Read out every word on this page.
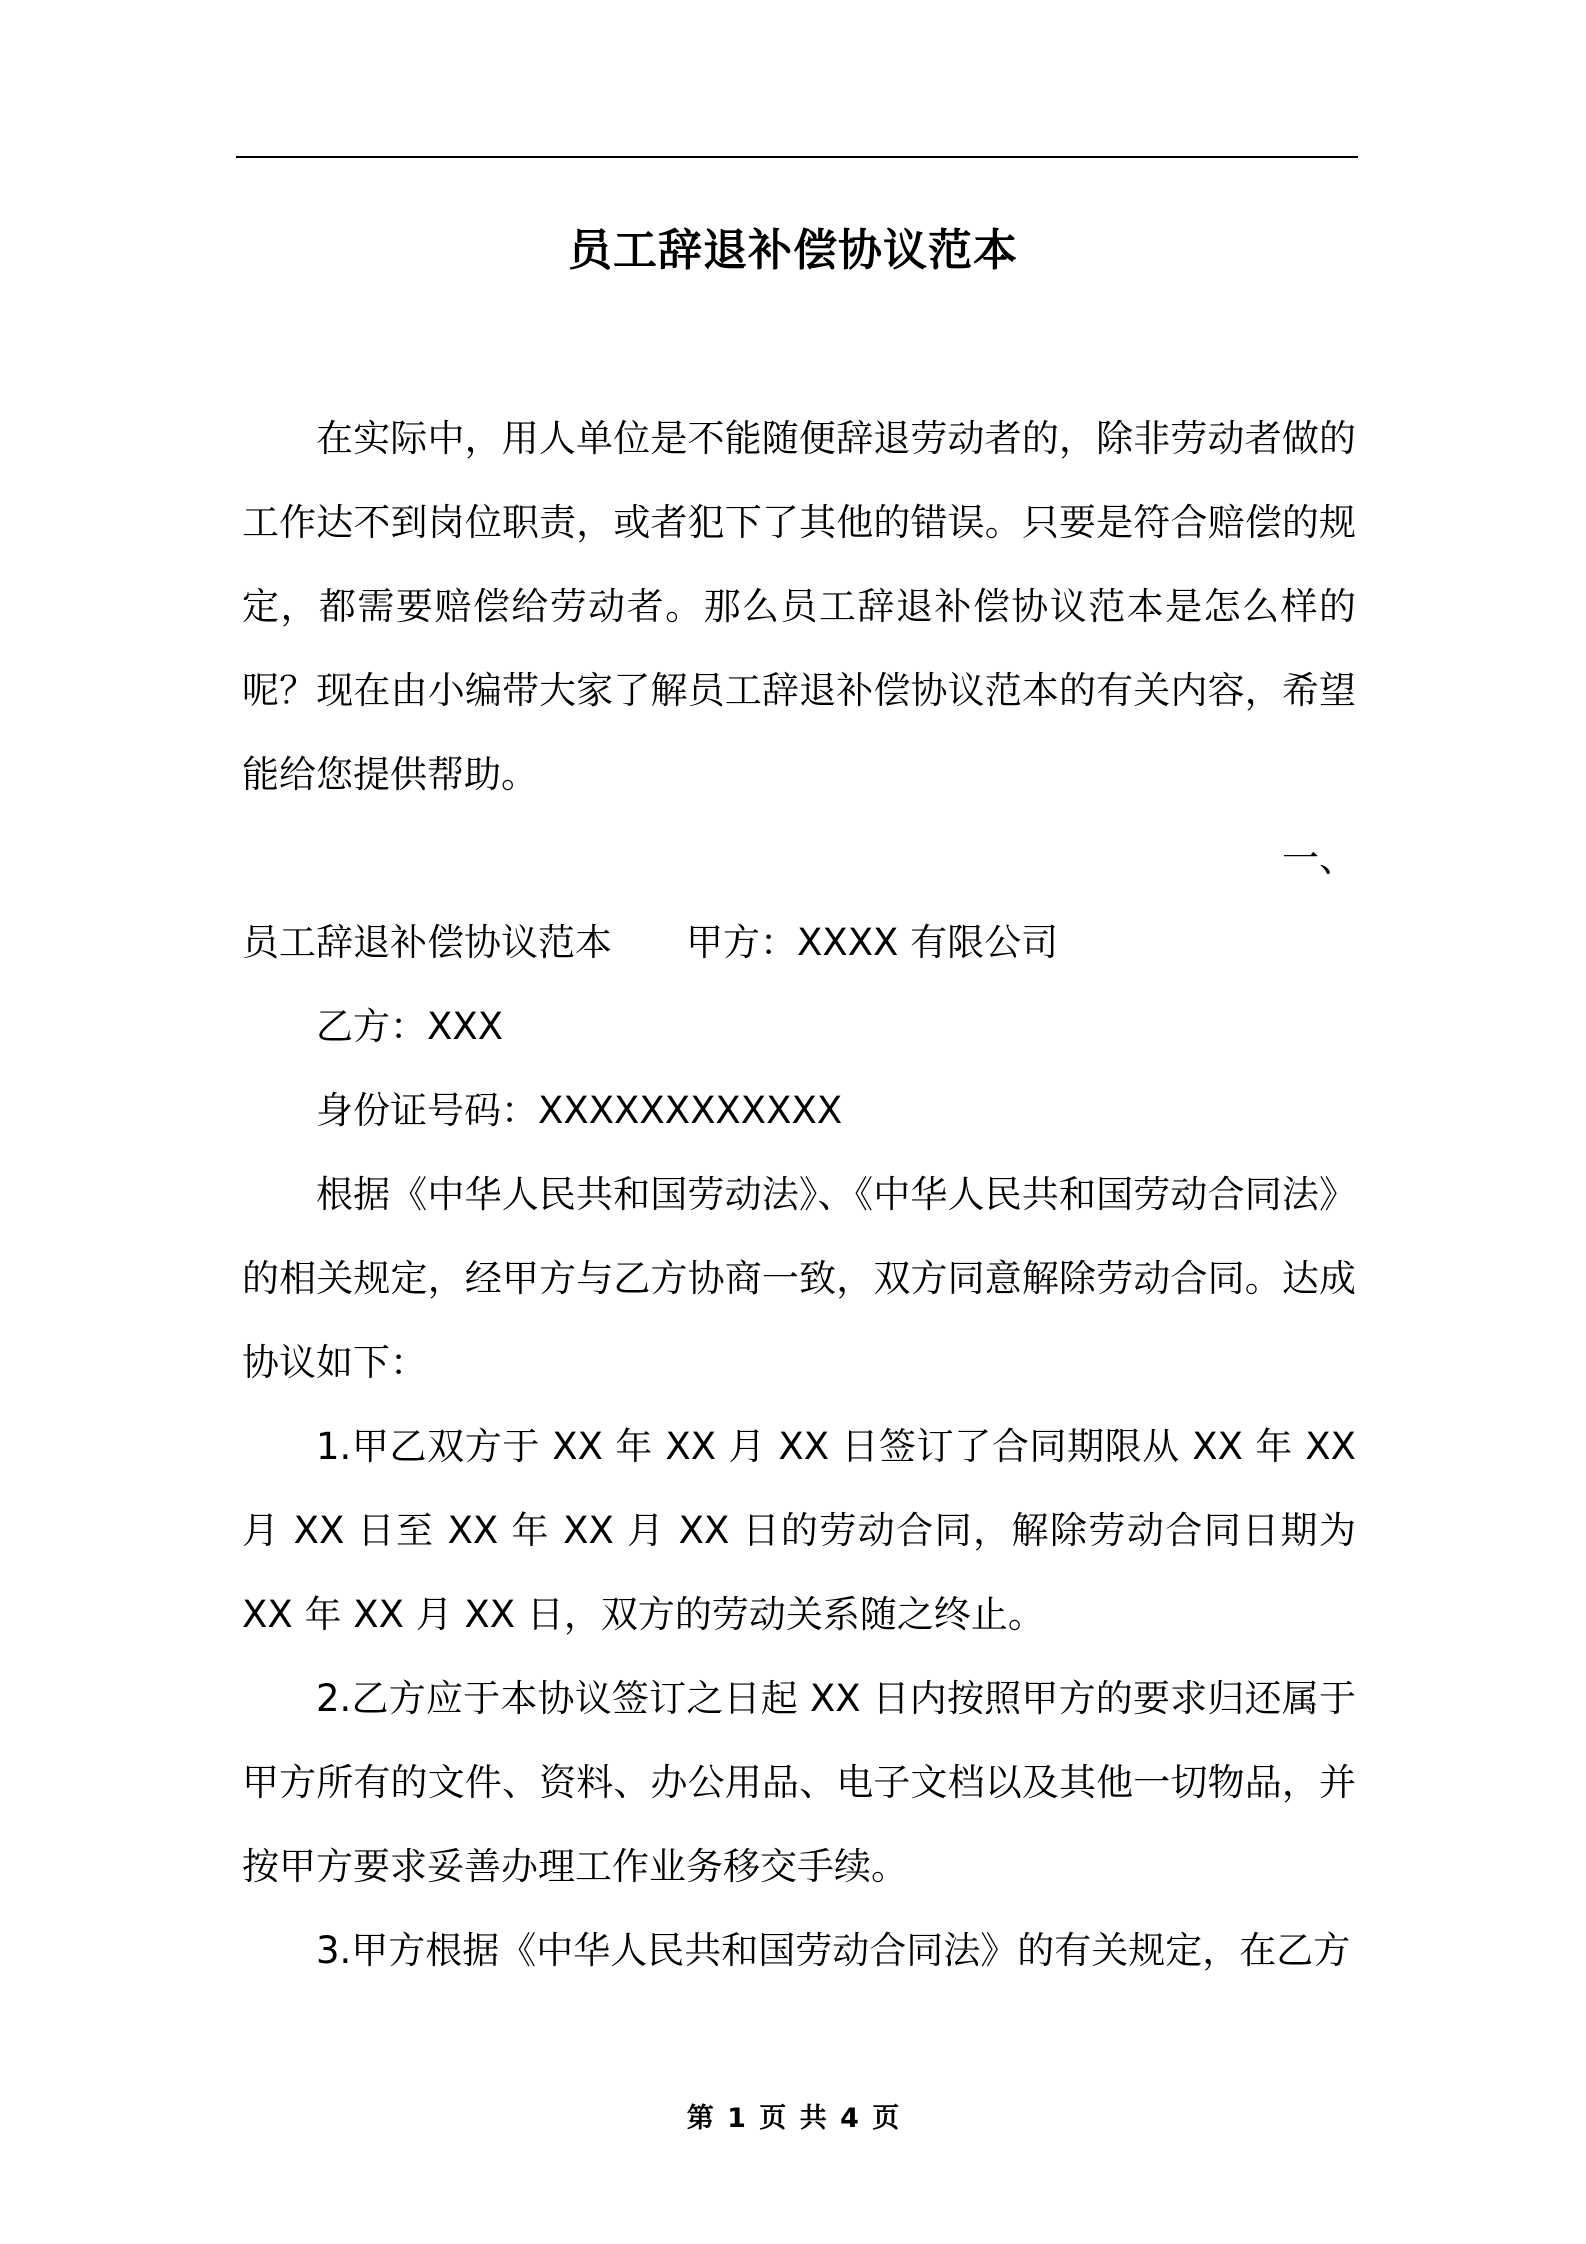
员工辞退补偿协议范本

在实际中，用人单位是不能随便辞退劳动者的，除非劳动者做的工作达不到岗位职责，或者犯下了其他的错误。只要是符合赔偿的规定，都需要赔偿给劳动者。那么员工辞退补偿协议范本是怎么样的呢？现在由小编带大家了解员工辞退补偿协议范本的有关内容，希望能给您提供帮助。

一、
员工辞退补偿协议范本 甲方：XXXX 有限公司
乙方：XXX
身份证号码：XXXXXXXXXXXX

根据《中华人民共和国劳动法》、《中华人民共和国劳动合同法》的相关规定，经甲方与乙方协商一致，双方同意解除劳动合同。达成协议如下：

1.甲乙双方于 XX 年 XX 月 XX 日签订了合同期限从 XX 年 XX 月 XX 日至 XX 年 XX 月 XX 日的劳动合同，解除劳动合同日期为 XX 年 XX 月 XX 日，双方的劳动关系随之终止。

2.乙方应于本协议签订之日起 XX 日内按照甲方的要求归还属于甲方所有的文件、资料、办公用品、电子文档以及其他一切物品，并按甲方要求妥善办理工作业务移交手续。

3.甲方根据《中华人民共和国劳动合同法》的有关规定，在乙方

第 1 页 共 4 页
